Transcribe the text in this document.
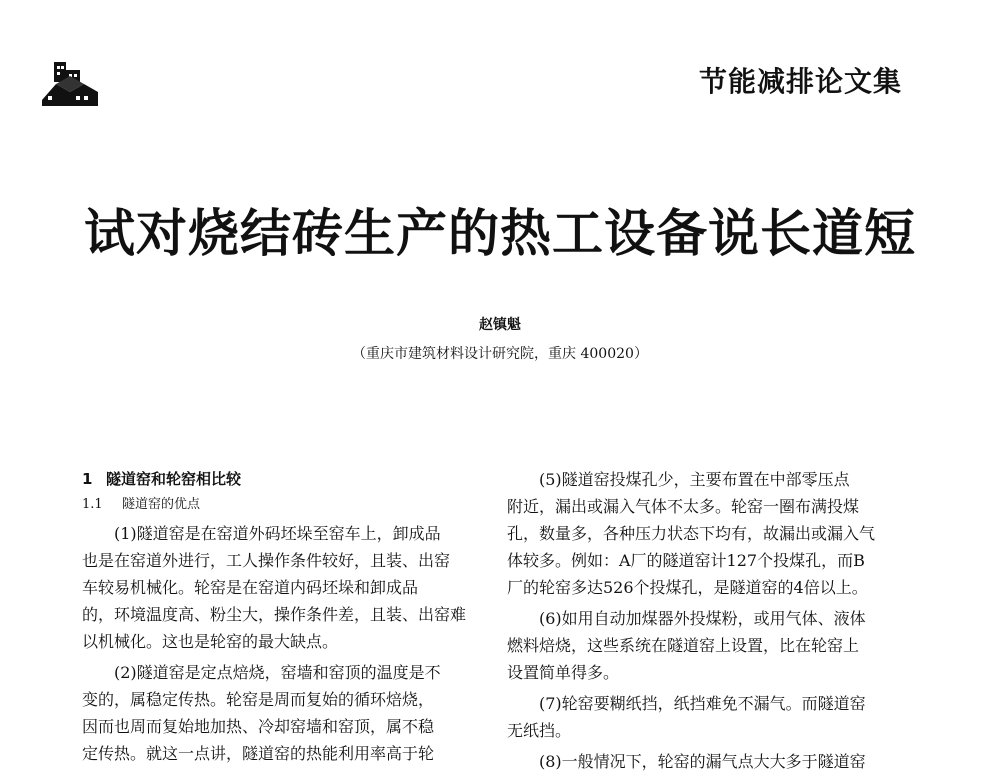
节能减排论文集
试对烧结砖生产的热工设备说长道短
赵镇魁
（重庆市建筑材料设计研究院，重庆 400020）
1 隧道窑和轮窑相比较
1.1 隧道窑的优点
(1)隧道窑是在窑道外码坯垛至窑车上，卸成品
也是在窑道外进行，工人操作条件较好，且装、出窑
车较易机械化。轮窑是在窑道内码坯垛和卸成品
的，环境温度高、粉尘大，操作条件差，且装、出窑难
以机械化。这也是轮窑的最大缺点。
(2)隧道窑是定点焙烧，窑墙和窑顶的温度是不
变的，属稳定传热。轮窑是周而复始的循环焙烧，
因而也周而复始地加热、冷却窑墙和窑顶，属不稳
定传热。就这一点讲，隧道窑的热能利用率高于轮
(5)隧道窑投煤孔少，主要布置在中部零压点
附近，漏出或漏入气体不太多。轮窑一圈布满投煤
孔，数量多，各种压力状态下均有，故漏出或漏入气
体较多。例如：A厂的隧道窑计127个投煤孔，而B
厂的轮窑多达526个投煤孔，是隧道窑的4倍以上。
(6)如用自动加煤器外投煤粉，或用气体、液体
燃料焙烧，这些系统在隧道窑上设置，比在轮窑上
设置简单得多。
(7)轮窑要糊纸挡，纸挡难免不漏气。而隧道窑
无纸挡。
(8)一般情况下，轮窑的漏气点大大多于隧道窑
